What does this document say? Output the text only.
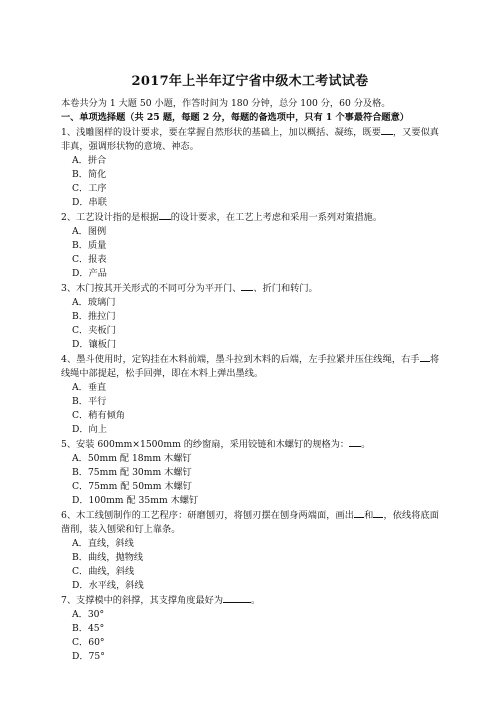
2017年上半年辽宁省中级木工考试试卷
本卷共分为 1 大题 50 小题，作答时间为 180 分钟，总分 100 分，60 分及格。
一、单项选择题（共 25 题，每题 2 分，每题的备选项中，只有 1 个事最符合题意）
1、浅雕图样的设计要求，要在掌握自然形状的基础上，加以概括、凝练，既要 ，又要似真非真，强调形状物的意境、神态。
A．拼合
B．简化
C．工序
D．串联
2、工艺设计指的是根据 的设计要求，在工艺上考虑和采用一系列对策措施。
A．图例
B．质量
C．报表
D．产品
3、木门按其开关形式的不同可分为平开门、 、折门和转门。
A．玻璃门
B．推拉门
C．夹板门
D．镶板门
4、墨斗使用时，定钩挂在木料前端，墨斗拉到木料的后端，左手拉紧并压住线绳，右手 将线绳中部提起，松手回弹，即在木料上弹出墨线。
A．垂直
B．平行
C．稍有倾角
D．向上
5、安装 600mm×1500mm 的纱窗扇，采用铰链和木螺钉的规格为： 。
A．50mm 配 18mm 木螺钉
B．75mm 配 30mm 木螺钉
C．75mm 配 50mm 木螺钉
D．100mm 配 35mm 木螺钉
6、木工线刨制作的工艺程序：研磨刨刃，将刨刃摆在刨身两端面，画出 和 ，依线将底面凿削，装入刨梁和钉上靠条。
A．直线，斜线
B．曲线，抛物线
C．曲线，斜线
D．水平线，斜线
7、支撑模中的斜撑，其支撑角度最好为	。
A．30°
B．45°
C．60°
D．75°
